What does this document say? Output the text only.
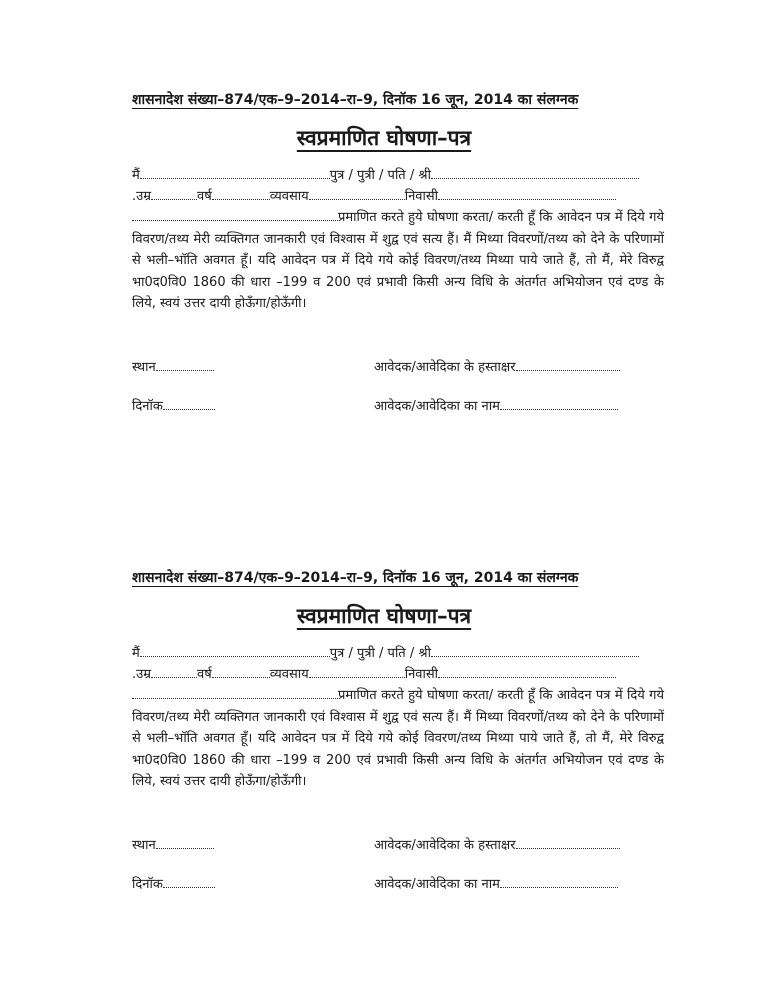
शासनादेश संख्या–874/एक–9–2014–रा–9, दिनॉक 16 जून, 2014 का संलग्नक
स्वप्रमाणित घोषणा–पत्र
मैं	पुत्र / पुत्री / पति / श्री
.उम्र	वर्ष	व्यवसाय	निवासी
प्रमाणित करते हुये घोषणा करता/ करती हूँ कि आवेदन पत्र में दिये गये विवरण/तथ्य मेरी व्यक्तिगत जानकारी एवं विश्वास में शुद्व एवं सत्य हैं। मैं मिथ्या विवरणों/तथ्य को देने के परिणामों से भली–भॉति अवगत हूँ। यदि आवेदन पत्र में दिये गये कोई विवरण/तथ्य मिथ्या पाये जाते हैं, तो मैं, मेरे विरुद्व भा0द0वि0 1860 की धारा –199 व 200 एवं प्रभावी किसी अन्य विधि के अंतर्गत अभियोजन एवं दण्ड के लिये, स्वयं उत्तर दायी होऊँगा/होऊँगी।
स्थान	आवेदक/आवेदिका के हस्ताक्षर
दिनॉक	आवेदक/आवेदिका का नाम
शासनादेश संख्या–874/एक–9–2014–रा–9, दिनॉक 16 जून, 2014 का संलग्नक
स्वप्रमाणित घोषणा–पत्र
मैं	पुत्र / पुत्री / पति / श्री
.उम्र	वर्ष	व्यवसाय	निवासी
प्रमाणित करते हुये घोषणा करता/ करती हूँ कि आवेदन पत्र में दिये गये विवरण/तथ्य मेरी व्यक्तिगत जानकारी एवं विश्वास में शुद्व एवं सत्य हैं। मैं मिथ्या विवरणों/तथ्य को देने के परिणामों से भली–भॉति अवगत हूँ। यदि आवेदन पत्र में दिये गये कोई विवरण/तथ्य मिथ्या पाये जाते हैं, तो मैं, मेरे विरुद्व भा0द0वि0 1860 की धारा –199 व 200 एवं प्रभावी किसी अन्य विधि के अंतर्गत अभियोजन एवं दण्ड के लिये, स्वयं उत्तर दायी होऊँगा/होऊँगी।
स्थान	आवेदक/आवेदिका के हस्ताक्षर
दिनॉक	आवेदक/आवेदिका का नाम
